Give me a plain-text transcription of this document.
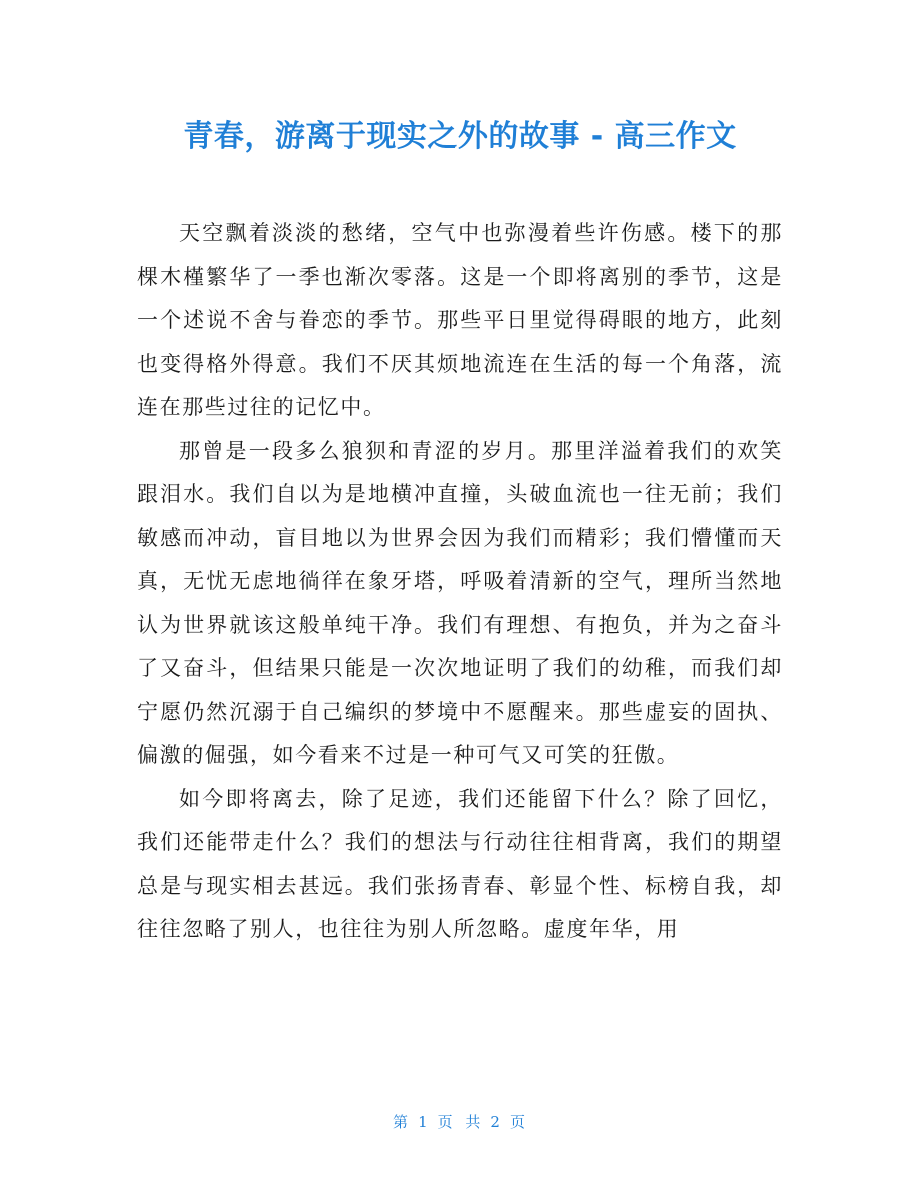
青春，游离于现实之外的故事 - 高三作文

天空飘着淡淡的愁绪，空气中也弥漫着些许伤感。楼下的那棵木槿繁华了一季也渐次零落。这是一个即将离别的季节，这是一个述说不舍与眷恋的季节。那些平日里觉得碍眼的地方，此刻也变得格外得意。我们不厌其烦地流连在生活的每一个角落，流连在那些过往的记忆中。

那曾是一段多么狼狈和青涩的岁月。那里洋溢着我们的欢笑跟泪水。我们自以为是地横冲直撞，头破血流也一往无前；我们敏感而冲动，盲目地以为世界会因为我们而精彩；我们懵懂而天真，无忧无虑地徜徉在象牙塔，呼吸着清新的空气，理所当然地认为世界就该这般单纯干净。我们有理想、有抱负，并为之奋斗了又奋斗，但结果只能是一次次地证明了我们的幼稚，而我们却宁愿仍然沉溺于自己编织的梦境中不愿醒来。那些虚妄的固执、偏激的倔强，如今看来不过是一种可气又可笑的狂傲。

如今即将离去，除了足迹，我们还能留下什么？除了回忆，我们还能带走什么？我们的想法与行动往往相背离，我们的期望总是与现实相去甚远。我们张扬青春、彰显个性、标榜自我，却往往忽略了别人，也往往为别人所忽略。虚度年华，用

第 1 页 共 2 页
